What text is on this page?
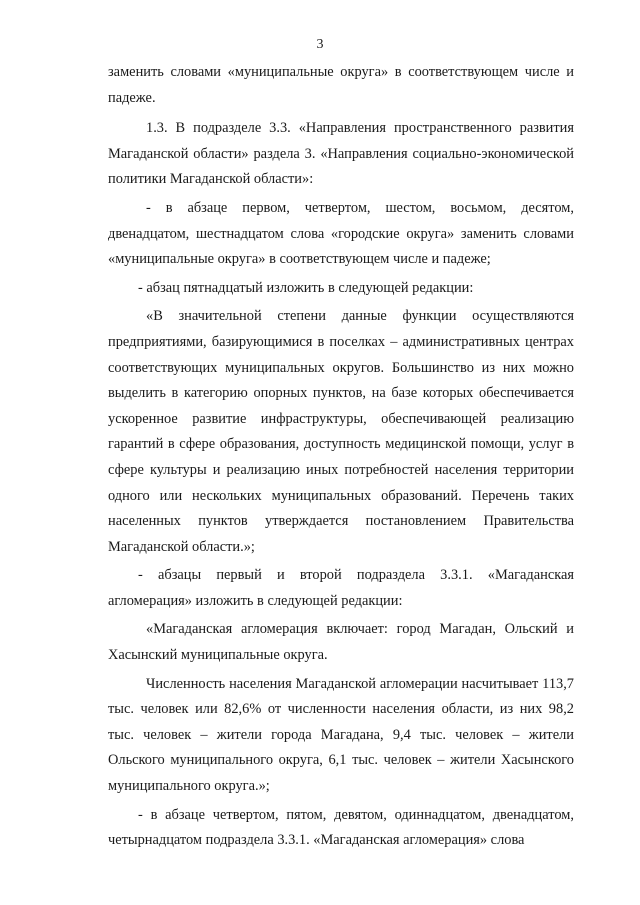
3

заменить словами «муниципальные округа» в соответствующем числе и падеже.

1.3. В подразделе 3.3. «Направления пространственного развития Магаданской области» раздела 3. «Направления социально-экономической политики Магаданской области»:

- в абзаце первом, четвертом, шестом, восьмом, десятом, двенадцатом, шестнадцатом слова «городские округа» заменить словами «муниципальные округа» в соответствующем числе и падеже;

- абзац пятнадцатый изложить в следующей редакции:

«В значительной степени данные функции осуществляются предприятиями, базирующимися в поселках – административных центрах соответствующих муниципальных округов. Большинство из них можно выделить в категорию опорных пунктов, на базе которых обеспечивается ускоренное развитие инфраструктуры, обеспечивающей реализацию гарантий в сфере образования, доступность медицинской помощи, услуг в сфере культуры и реализацию иных потребностей населения территории одного или нескольких муниципальных образований. Перечень таких населенных пунктов утверждается постановлением Правительства Магаданской области.»;

- абзацы первый и второй подраздела 3.3.1. «Магаданская агломерация» изложить в следующей редакции:

«Магаданская агломерация включает: город Магадан, Ольский и Хасынский муниципальные округа.

Численность населения Магаданской агломерации насчитывает 113,7 тыс. человек или 82,6% от численности населения области, из них 98,2 тыс. человек – жители города Магадана, 9,4 тыс. человек – жители Ольского муниципального округа, 6,1 тыс. человек – жители Хасынского муниципального округа.»;

- в абзаце четвертом, пятом, девятом, одиннадцатом, двенадцатом, четырнадцатом подраздела 3.3.1. «Магаданская агломерация» слова
